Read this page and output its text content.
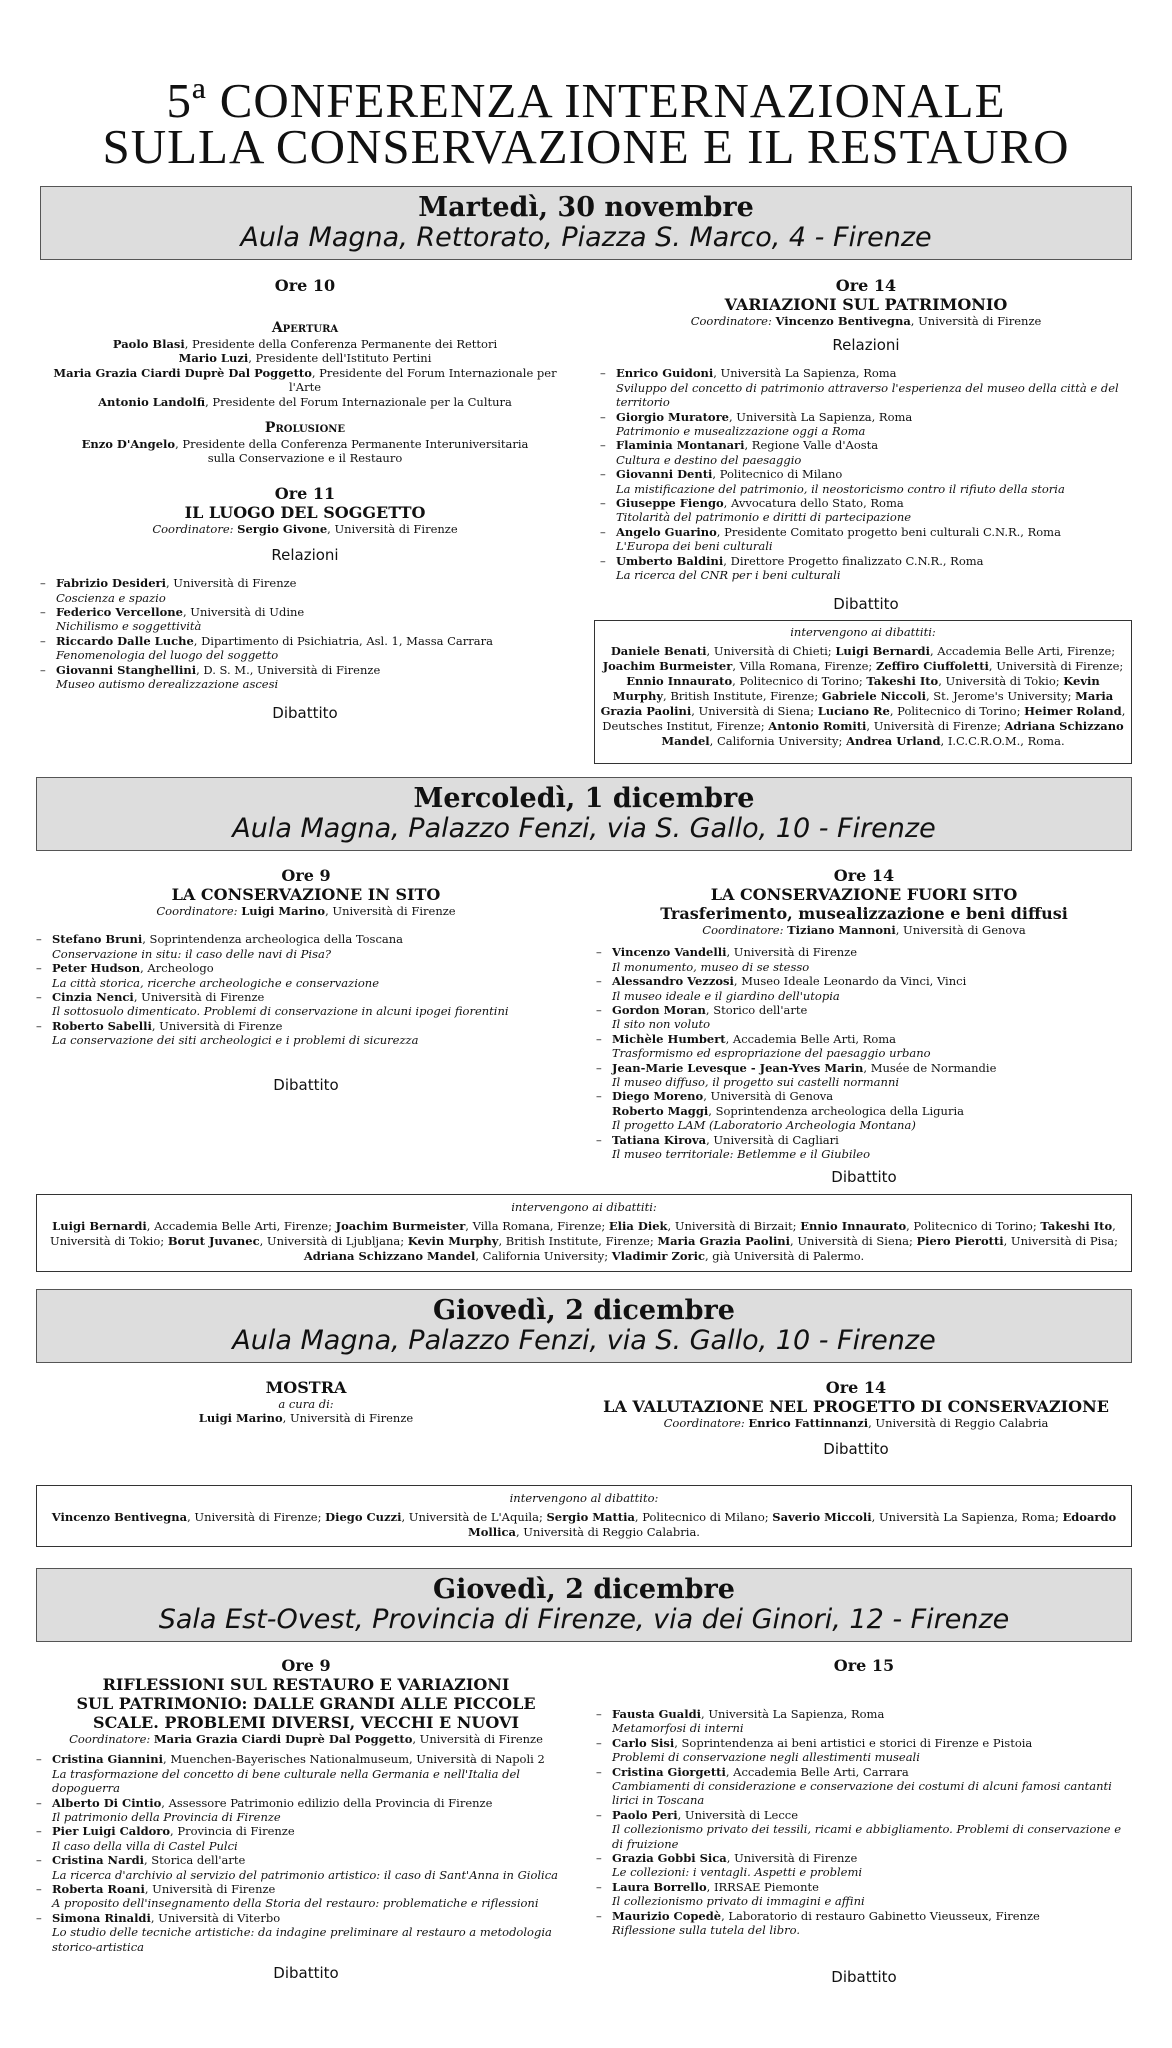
5ª CONFERENZA INTERNAZIONALE
SULLA CONSERVAZIONE E IL RESTAURO
Martedì, 30 novembre
Aula Magna, Rettorato, Piazza S. Marco, 4 - Firenze
Ore 10
Apertura
Paolo Blasi, Presidente della Conferenza Permanente dei Rettori
Mario Luzi, Presidente dell'Istituto Pertini
Maria Grazia Ciardi Duprè Dal Poggetto, Presidente del Forum Internazionale per l'Arte
Antonio Landolfi, Presidente del Forum Internazionale per la Cultura
Prolusione
Enzo D'Angelo, Presidente della Conferenza Permanente Interuniversitaria
sulla Conservazione e il Restauro
Ore 11
IL LUOGO DEL SOGGETTO
Coordinatore: Sergio Givone, Università di Firenze
Relazioni
– Fabrizio Desideri, Università di Firenze
Coscienza e spazio
– Federico Vercellone, Università di Udine
Nichilismo e soggettività
– Riccardo Dalle Luche, Dipartimento di Psichiatria, Asl. 1, Massa Carrara
Fenomenologia del luogo del soggetto
– Giovanni Stanghellini, D. S. M., Università di Firenze
Museo autismo derealizzazione ascesi
Dibattito
Ore 14
VARIAZIONI SUL PATRIMONIO
Coordinatore: Vincenzo Bentivegna, Università di Firenze
Relazioni
– Enrico Guidoni, Università La Sapienza, Roma
Sviluppo del concetto di patrimonio attraverso l'esperienza del museo della città e del territorio
– Giorgio Muratore, Università La Sapienza, Roma
Patrimonio e musealizzazione oggi a Roma
– Flaminia Montanari, Regione Valle d'Aosta
Cultura e destino del paesaggio
– Giovanni Denti, Politecnico di Milano
La mistificazione del patrimonio, il neostoricismo contro il rifiuto della storia
– Giuseppe Fiengo, Avvocatura dello Stato, Roma
Titolarità del patrimonio e diritti di partecipazione
– Angelo Guarino, Presidente Comitato progetto beni culturali C.N.R., Roma
L'Europa dei beni culturali
– Umberto Baldini, Direttore Progetto finalizzato C.N.R., Roma
La ricerca del CNR per i beni culturali
Dibattito
intervengono ai dibattiti:
Daniele Benati, Università di Chieti; Luigi Bernardi, Accademia Belle Arti, Firenze; Joachim Burmeister, Villa Romana, Firenze; Zeffiro Ciuffoletti, Università di Firenze; Ennio Innaurato, Politecnico di Torino; Takeshi Ito, Università di Tokio; Kevin Murphy, British Institute, Firenze; Gabriele Niccoli, St. Jerome's University; Maria Grazia Paolini, Università di Siena; Luciano Re, Politecnico di Torino; Heimer Roland, Deutsches Institut, Firenze; Antonio Romiti, Università di Firenze; Adriana Schizzano Mandel, California University; Andrea Urland, I.C.C.R.O.M., Roma.
Mercoledì, 1 dicembre
Aula Magna, Palazzo Fenzi, via S. Gallo, 10 - Firenze
Ore 9
LA CONSERVAZIONE IN SITO
Coordinatore: Luigi Marino, Università di Firenze
– Stefano Bruni, Soprintendenza archeologica della Toscana
Conservazione in situ: il caso delle navi di Pisa?
– Peter Hudson, Archeologo
La città storica, ricerche archeologiche e conservazione
– Cinzia Nenci, Università di Firenze
Il sottosuolo dimenticato. Problemi di conservazione in alcuni ipogei fiorentini
– Roberto Sabelli, Università di Firenze
La conservazione dei siti archeologici e i problemi di sicurezza
Dibattito
Ore 14
LA CONSERVAZIONE FUORI SITO
Trasferimento, musealizzazione e beni diffusi
Coordinatore: Tiziano Mannoni, Università di Genova
– Vincenzo Vandelli, Università di Firenze
Il monumento, museo di se stesso
– Alessandro Vezzosi, Museo Ideale Leonardo da Vinci, Vinci
Il museo ideale e il giardino dell'utopia
– Gordon Moran, Storico dell'arte
Il sito non voluto
– Michèle Humbert, Accademia Belle Arti, Roma
Trasformismo ed espropriazione del paesaggio urbano
– Jean-Marie Levesque - Jean-Yves Marin, Musée de Normandie
Il museo diffuso, il progetto sui castelli normanni
– Diego Moreno, Università di Genova
Roberto Maggi, Soprintendenza archeologica della Liguria
Il progetto LAM (Laboratorio Archeologia Montana)
– Tatiana Kirova, Università di Cagliari
Il museo territoriale: Betlemme e il Giubileo
Dibattito
intervengono ai dibattiti:
Luigi Bernardi, Accademia Belle Arti, Firenze; Joachim Burmeister, Villa Romana, Firenze; Elia Diek, Università di Birzait; Ennio Innaurato, Politecnico di Torino; Takeshi Ito, Università di Tokio; Borut Juvanec, Università di Ljubljana; Kevin Murphy, British Institute, Firenze; Maria Grazia Paolini, Università di Siena; Piero Pierotti, Università di Pisa; Adriana Schizzano Mandel, California University; Vladimir Zoric, già Università di Palermo.
Giovedì, 2 dicembre
Aula Magna, Palazzo Fenzi, via S. Gallo, 10 - Firenze
MOSTRA
a cura di:
Luigi Marino, Università di Firenze
Ore 14
LA VALUTAZIONE NEL PROGETTO DI CONSERVAZIONE
Coordinatore: Enrico Fattinnanzi, Università di Reggio Calabria
Dibattito
intervengono al dibattito:
Vincenzo Bentivegna, Università di Firenze; Diego Cuzzi, Università de L'Aquila; Sergio Mattia, Politecnico di Milano; Saverio Miccoli, Università La Sapienza, Roma; Edoardo Mollica, Università di Reggio Calabria.
Giovedì, 2 dicembre
Sala Est-Ovest, Provincia di Firenze, via dei Ginori, 12 - Firenze
Ore 9
RIFLESSIONI SUL RESTAURO E VARIAZIONI
SUL PATRIMONIO: DALLE GRANDI ALLE PICCOLE
SCALE. PROBLEMI DIVERSI, VECCHI E NUOVI
Coordinatore: Maria Grazia Ciardi Duprè Dal Poggetto, Università di Firenze
– Cristina Giannini, Muenchen-Bayerisches Nationalmuseum, Università di Napoli 2
La trasformazione del concetto di bene culturale nella Germania e nell'Italia del dopoguerra
– Alberto Di Cintio, Assessore Patrimonio edilizio della Provincia di Firenze
Il patrimonio della Provincia di Firenze
– Pier Luigi Caldoro, Provincia di Firenze
Il caso della villa di Castel Pulci
– Cristina Nardi, Storica dell'arte
La ricerca d'archivio al servizio del patrimonio artistico: il caso di Sant'Anna in Giolica
– Roberta Roani, Università di Firenze
A proposito dell'insegnamento della Storia del restauro: problematiche e riflessioni
– Simona Rinaldi, Università di Viterbo
Lo studio delle tecniche artistiche: da indagine preliminare al restauro a metodologia storico-artistica
Dibattito
Ore 15
– Fausta Gualdi, Università La Sapienza, Roma
Metamorfosi di interni
– Carlo Sisi, Soprintendenza ai beni artistici e storici di Firenze e Pistoia
Problemi di conservazione negli allestimenti museali
– Cristina Giorgetti, Accademia Belle Arti, Carrara
Cambiamenti di considerazione e conservazione dei costumi di alcuni famosi cantanti lirici in Toscana
– Paolo Peri, Università di Lecce
Il collezionismo privato dei tessili, ricami e abbigliamento. Problemi di conservazione e di fruizione
– Grazia Gobbi Sica, Università di Firenze
Le collezioni: i ventagli. Aspetti e problemi
– Laura Borrello, IRRSAE Piemonte
Il collezionismo privato di immagini e affini
– Maurizio Copedè, Laboratorio di restauro Gabinetto Vieusseux, Firenze
Riflessione sulla tutela del libro.
Dibattito
